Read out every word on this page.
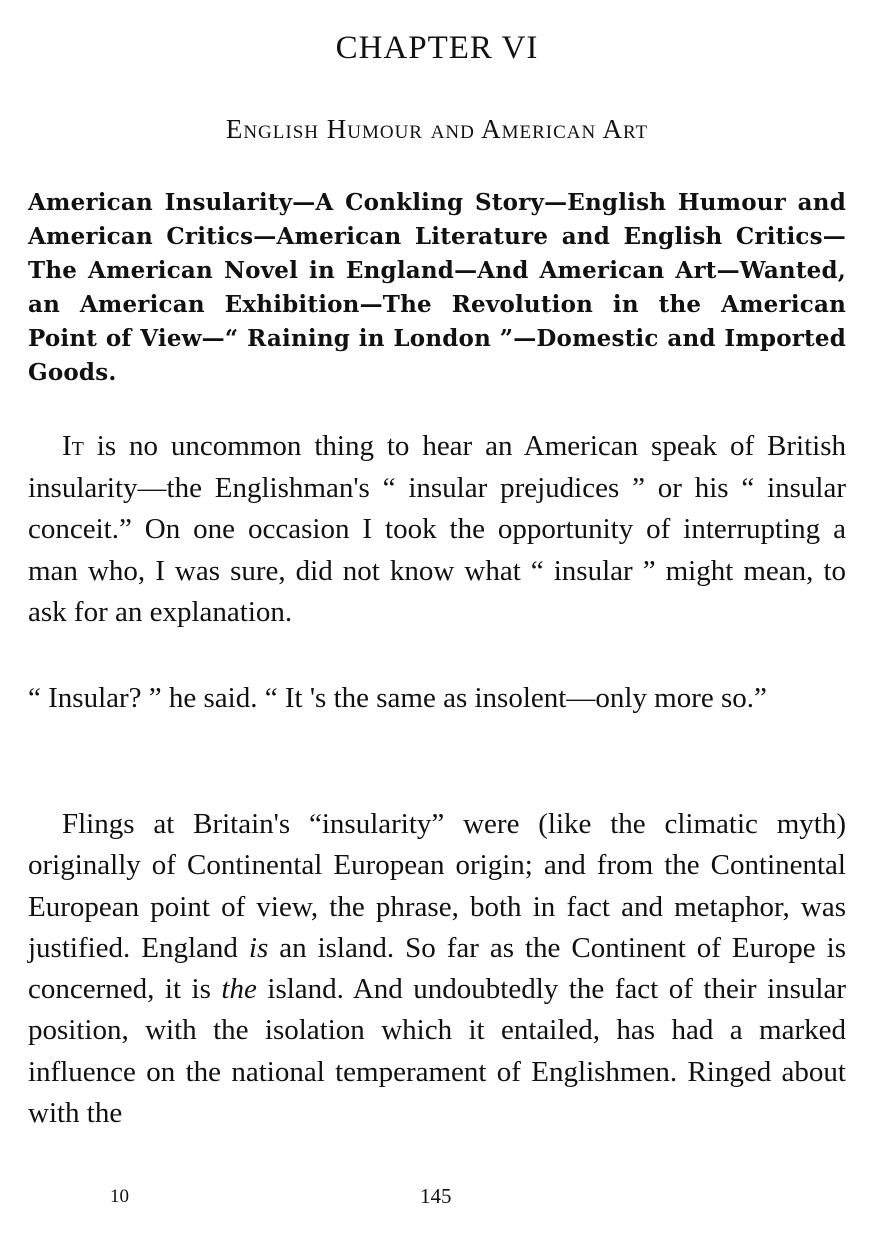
CHAPTER VI
English Humour and American Art
American Insularity—A Conkling Story—English Humour and American Critics—American Literature and English Critics—The American Novel in England—And American Art—Wanted, an American Exhibition—The Revolution in the American Point of View—“ Raining in London ”—Domestic and Imported Goods.
It is no uncommon thing to hear an American speak of British insularity—the Englishman's “ insular prejudices ” or his “ insular conceit.” On one occasion I took the opportunity of interrupting a man who, I was sure, did not know what “ insular ” might mean, to ask for an explanation.
“ Insular? ” he said. “ It 's the same as insolent—only more so.”
Flings at Britain's “insularity” were (like the climatic myth) originally of Continental European origin; and from the Continental European point of view, the phrase, both in fact and metaphor, was justified. England is an island. So far as the Continent of Europe is concerned, it is the island. And undoubtedly the fact of their insular position, with the isolation which it entailed, has had a marked influence on the national temperament of Englishmen. Ringed about with the
10	145
